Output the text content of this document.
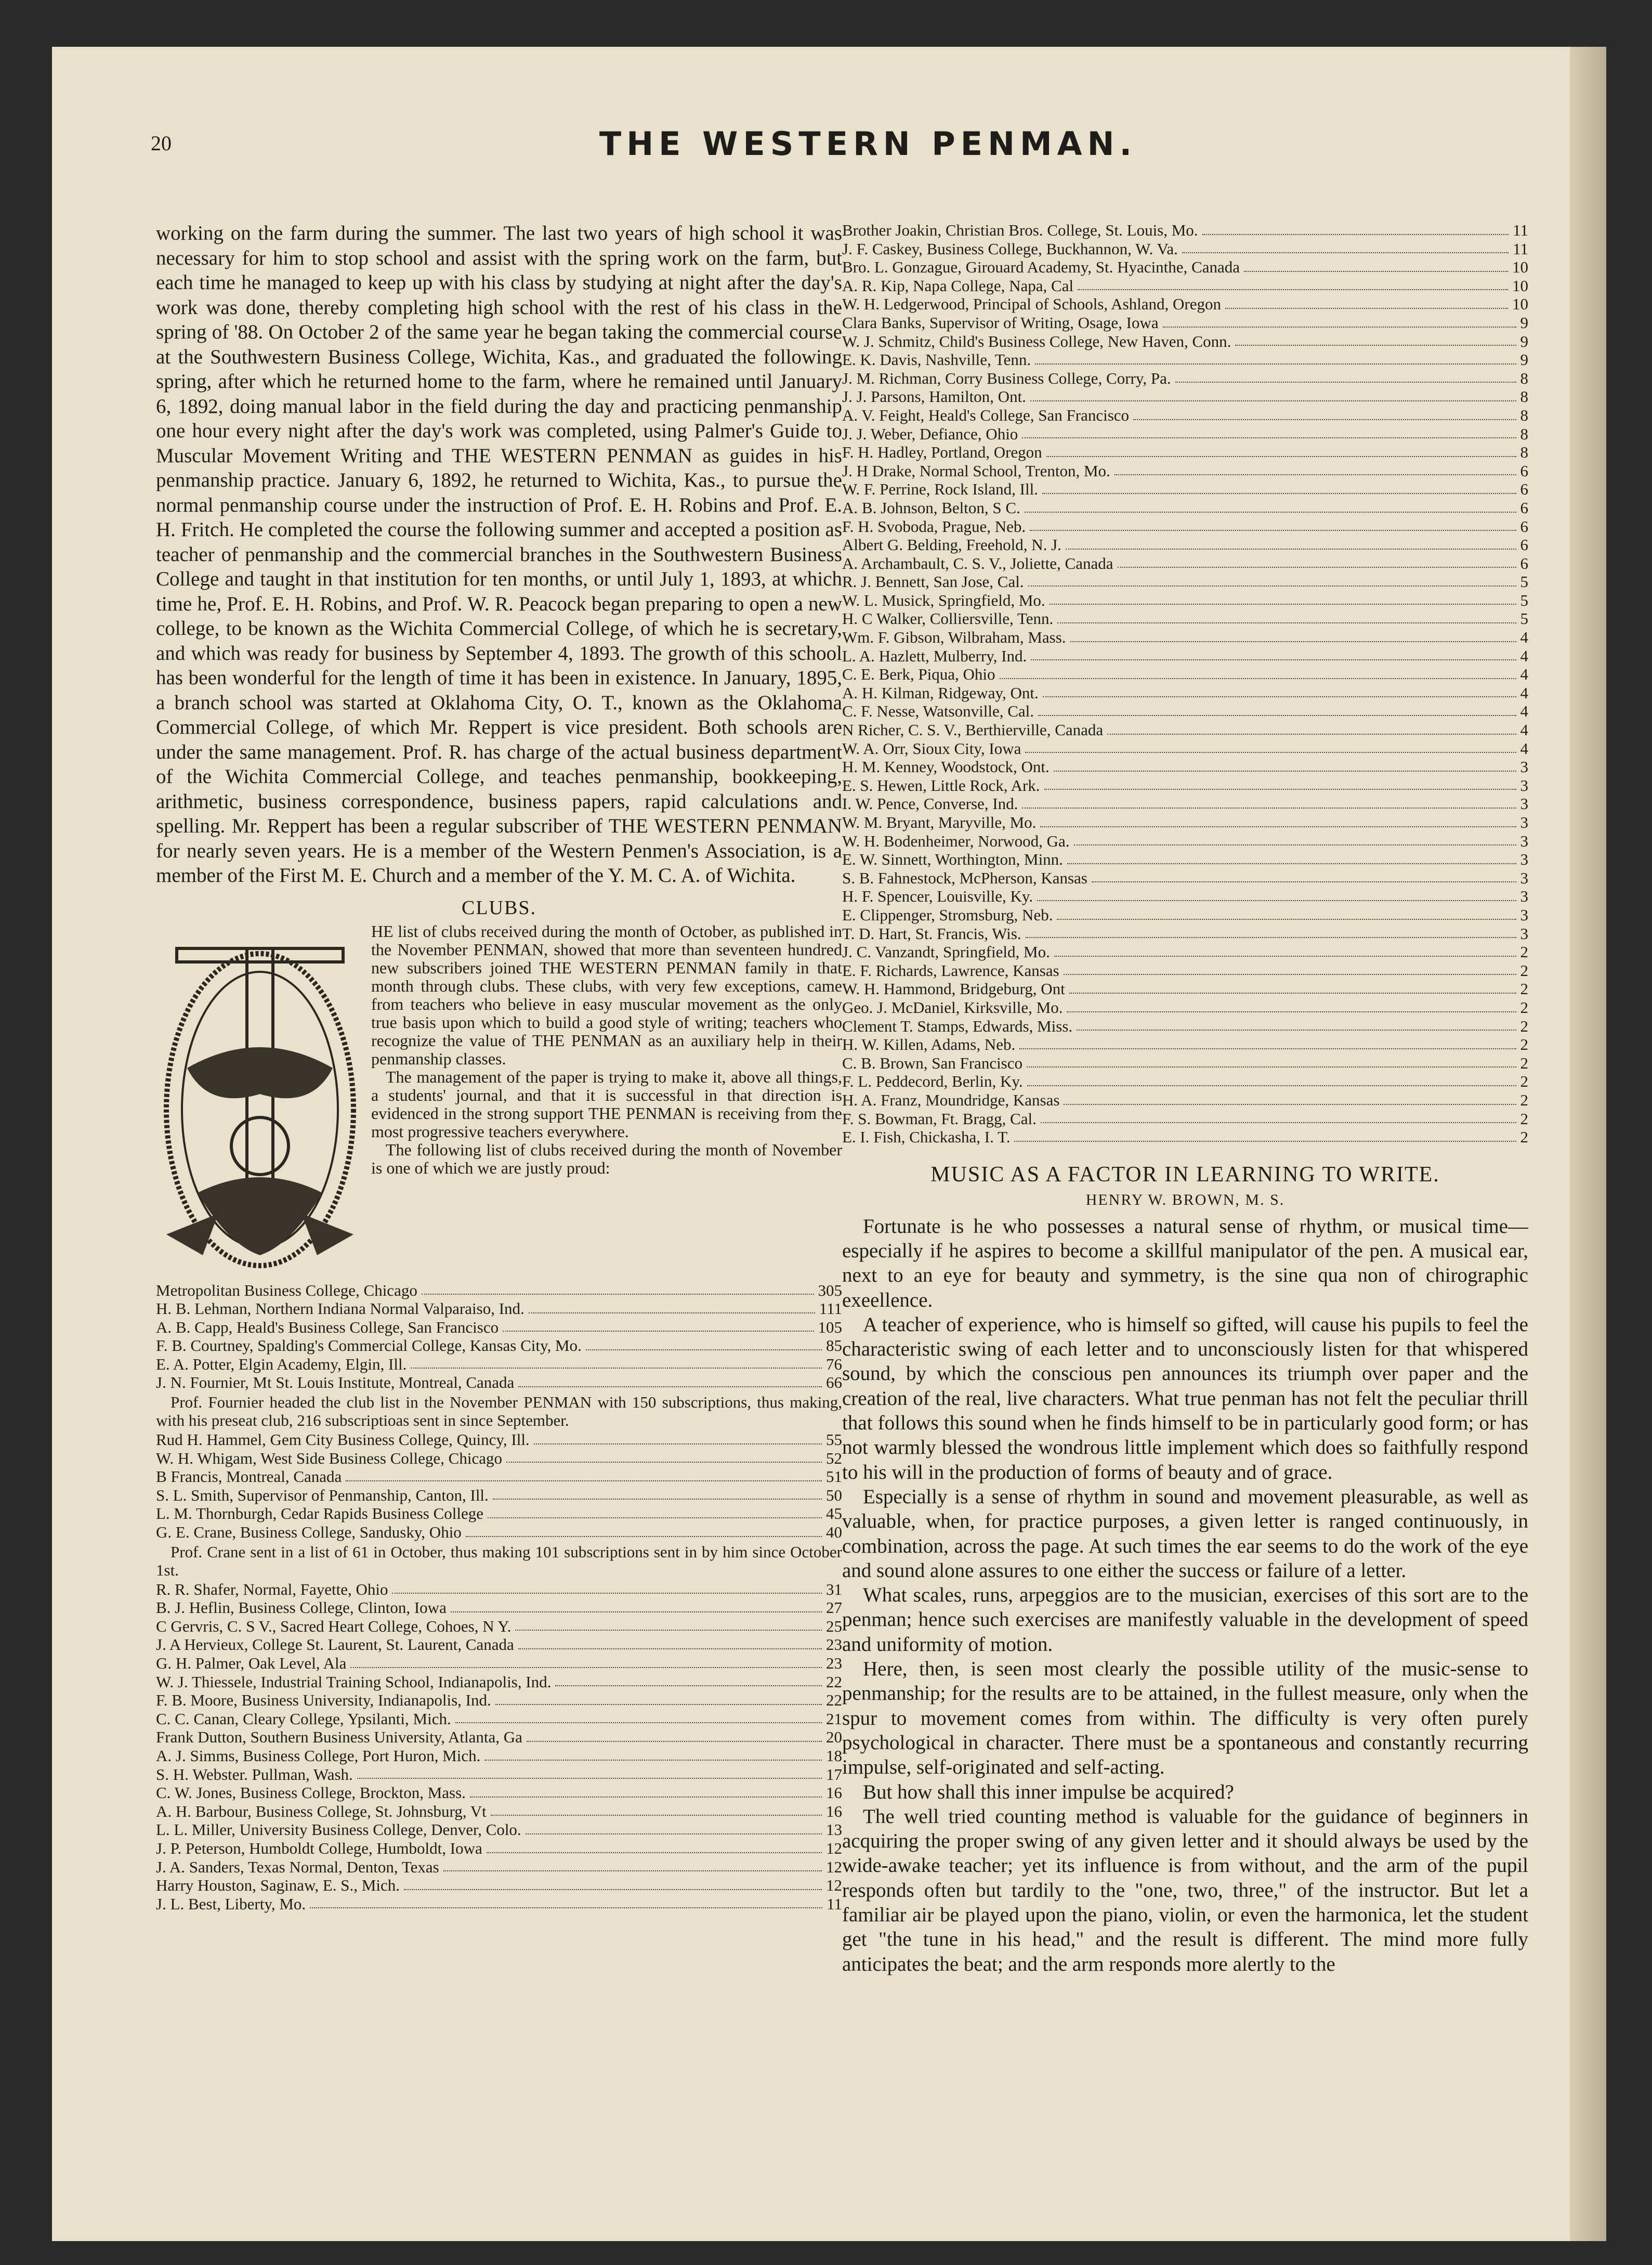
20	THE WESTERN PENMAN.

working on the farm during the summer. The last two years of high school it was necessary for him to stop school and assist with the spring work on the farm, but each time he managed to keep up with his class by studying at night after the day's work was done, thereby completing high school with the rest of his class in the spring of '88. On October 2 of the same year he began taking the commercial course at the Southwestern Business College, Wichita, Kas., and graduated the following spring, after which he returned home to the farm, where he remained until January 6, 1892, doing manual labor in the field during the day and practicing penmanship one hour every night after the day's work was completed, using Palmer's Guide to Muscular Movement Writing and THE WESTERN PENMAN as guides in his penmanship practice. January 6, 1892, he returned to Wichita, Kas., to pursue the normal penmanship course under the instruction of Prof. E. H. Robins and Prof. E. H. Fritch. He completed the course the following summer and accepted a position as teacher of penmanship and the commercial branches in the Southwestern Business College and taught in that institution for ten months, or until July 1, 1893, at which time he, Prof. E. H. Robins, and Prof. W. R. Peacock began preparing to open a new college, to be known as the Wichita Commercial College, of which he is secretary, and which was ready for business by September 4, 1893. The growth of this school has been wonderful for the length of time it has been in existence. In January, 1895, a branch school was started at Oklahoma City, O. T., known as the Oklahoma Commercial College, of which Mr. Reppert is vice president. Both schools are under the same management. Prof. R. has charge of the actual business department of the Wichita Commercial College, and teaches penmanship, bookkeeping, arithmetic, business correspondence, business papers, rapid calculations and spelling. Mr. Reppert has been a regular subscriber of THE WESTERN PENMAN for nearly seven years. He is a member of the Western Penmen's Association, is a member of the First M. E. Church and a member of the Y. M. C. A. of Wichita.

CLUBS.

HE list of clubs received during the month of October, as published in the November PENMAN, showed that more than seventeen hundred new subscribers joined THE WESTERN PENMAN family in that month through clubs. These clubs, with very few exceptions, came from teachers who believe in easy muscular movement as the only true basis upon which to build a good style of writing; teachers who recognize the value of THE PENMAN as an auxiliary help in their penmanship classes.

The management of the paper is trying to make it, above all things, a students' journal, and that it is successful in that direction is evidenced in the strong support THE PENMAN is receiving from the most progressive teachers everywhere.

The following list of clubs received during the month of November is one of which we are justly proud:

Metropolitan Business College, Chicago	305
H. B. Lehman, Northern Indiana Normal Valparaiso, Ind.	111
A. B. Capp, Heald's Business College, San Francisco	105
F. B. Courtney, Spalding's Commercial College, Kansas City, Mo.	85
E. A. Potter, Elgin Academy, Elgin, Ill.	76
J. N. Fournier, Mt St. Louis Institute, Montreal, Canada	66

Prof. Fournier headed the club list in the November PENMAN with 150 subscriptions, thus making, with his preseat club, 216 subscriptioas sent in since September.

Rud H. Hammel, Gem City Business College, Quincy, Ill.	55
W. H. Whigam, West Side Business College, Chicago	52
B Francis, Montreal, Canada	51
S. L. Smith, Supervisor of Penmanship, Canton, Ill.	50
L. M. Thornburgh, Cedar Rapids Business College	45
G. E. Crane, Business College, Sandusky, Ohio	40

Prof. Crane sent in a list of 61 in October, thus making 101 subscriptions sent in by him since October 1st.

R. R. Shafer, Normal, Fayette, Ohio	31
B. J. Heflin, Business College, Clinton, Iowa	27
C Gervris, C. S V., Sacred Heart College, Cohoes, N Y.	25
J. A Hervieux, College St. Laurent, St. Laurent, Canada	23
G. H. Palmer, Oak Level, Ala	23
W. J. Thiessele, Industrial Training School, Indianapolis, Ind.	22
F. B. Moore, Business University, Indianapolis, Ind.	22
C. C. Canan, Cleary College, Ypsilanti, Mich.	21
Frank Dutton, Southern Business University, Atlanta, Ga	20
A. J. Simms, Business College, Port Huron, Mich.	18
S. H. Webster. Pullman, Wash.	17
C. W. Jones, Business College, Brockton, Mass.	16
A. H. Barbour, Business College, St. Johnsburg, Vt	16
L. L. Miller, University Business College, Denver, Colo.	13
J. P. Peterson, Humboldt College, Humboldt, Iowa	12
J. A. Sanders, Texas Normal, Denton, Texas	12
Harry Houston, Saginaw, E. S., Mich.	12
J. L. Best, Liberty, Mo.	11
Brother Joakin, Christian Bros. College, St. Louis, Mo.	11
J. F. Caskey, Business College, Buckhannon, W. Va.	11
Bro. L. Gonzague, Girouard Academy, St. Hyacinthe, Canada	10
A. R. Kip, Napa College, Napa, Cal	10
W. H. Ledgerwood, Principal of Schools, Ashland, Oregon	10
Clara Banks, Supervisor of Writing, Osage, Iowa	9
W. J. Schmitz, Child's Business College, New Haven, Conn.	9
E. K. Davis, Nashville, Tenn.	9
J. M. Richman, Corry Business College, Corry, Pa.	8
J. J. Parsons, Hamilton, Ont.	8
A. V. Feight, Heald's College, San Francisco	8
J. J. Weber, Defiance, Ohio	8
F. H. Hadley, Portland, Oregon	8
J. H Drake, Normal School, Trenton, Mo.	6
W. F. Perrine, Rock Island, Ill.	6
A. B. Johnson, Belton, S C.	6
F. H. Svoboda, Prague, Neb.	6
Albert G. Belding, Freehold, N. J.	6
A. Archambault, C. S. V., Joliette, Canada	6
R. J. Bennett, San Jose, Cal.	5
W. L. Musick, Springfield, Mo.	5
H. C Walker, Colliersville, Tenn.	5
Wm. F. Gibson, Wilbraham, Mass.	4
L. A. Hazlett, Mulberry, Ind.	4
C. E. Berk, Piqua, Ohio	4
A. H. Kilman, Ridgeway, Ont.	4
C. F. Nesse, Watsonville, Cal.	4
N Richer, C. S. V., Berthierville, Canada	4
W. A. Orr, Sioux City, Iowa	4
H. M. Kenney, Woodstock, Ont.	3
E. S. Hewen, Little Rock, Ark.	3
I. W. Pence, Converse, Ind.	3
W. M. Bryant, Maryville, Mo.	3
W. H. Bodenheimer, Norwood, Ga.	3
E. W. Sinnett, Worthington, Minn.	3
S. B. Fahnestock, McPherson, Kansas	3
H. F. Spencer, Louisville, Ky.	3
E. Clippenger, Stromsburg, Neb.	3
T. D. Hart, St. Francis, Wis.	3
J. C. Vanzandt, Springfield, Mo.	2
E. F. Richards, Lawrence, Kansas	2
W. H. Hammond, Bridgeburg, Ont	2
Geo. J. McDaniel, Kirksville, Mo.	2
Clement T. Stamps, Edwards, Miss.	2
H. W. Killen, Adams, Neb.	2
C. B. Brown, San Francisco	2
F. L. Peddecord, Berlin, Ky.	2
H. A. Franz, Moundridge, Kansas	2
F. S. Bowman, Ft. Bragg, Cal.	2
E. I. Fish, Chickasha, I. T.	2
MUSIC AS A FACTOR IN LEARNING TO WRITE.
HENRY W. BROWN, M. S.

Fortunate is he who possesses a natural sense of rhythm, or musical time—especially if he aspires to become a skillful manipulator of the pen. A musical ear, next to an eye for beauty and symmetry, is the sine qua non of chirographic exeellence.

A teacher of experience, who is himself so gifted, will cause his pupils to feel the characteristic swing of each letter and to unconsciously listen for that whispered sound, by which the conscious pen announces its triumph over paper and the creation of the real, live characters. What true penman has not felt the peculiar thrill that follows this sound when he finds himself to be in particularly good form; or has not warmly blessed the wondrous little implement which does so faithfully respond to his will in the production of forms of beauty and of grace.

Especially is a sense of rhythm in sound and movement pleasurable, as well as valuable, when, for practice purposes, a given letter is ranged continuously, in combination, across the page. At such times the ear seems to do the work of the eye and sound alone assures to one either the success or failure of a letter.

What scales, runs, arpeggios are to the musician, exercises of this sort are to the penman; hence such exercises are manifestly valuable in the development of speed and uniformity of motion.

Here, then, is seen most clearly the possible utility of the music-sense to penmanship; for the results are to be attained, in the fullest measure, only when the spur to movement comes from within. The difficulty is very often purely psychological in character. There must be a spontaneous and constantly recurring impulse, self-originated and self-acting.

But how shall this inner impulse be acquired?

The well tried counting method is valuable for the guidance of beginners in acquiring the proper swing of any given letter and it should always be used by the wide-awake teacher; yet its influence is from without, and the arm of the pupil responds often but tardily to the "one, two, three," of the instructor. But let a familiar air be played upon the piano, violin, or even the harmonica, let the student get "the tune in his head," and the result is different. The mind more fully anticipates the beat; and the arm responds more alertly to the
